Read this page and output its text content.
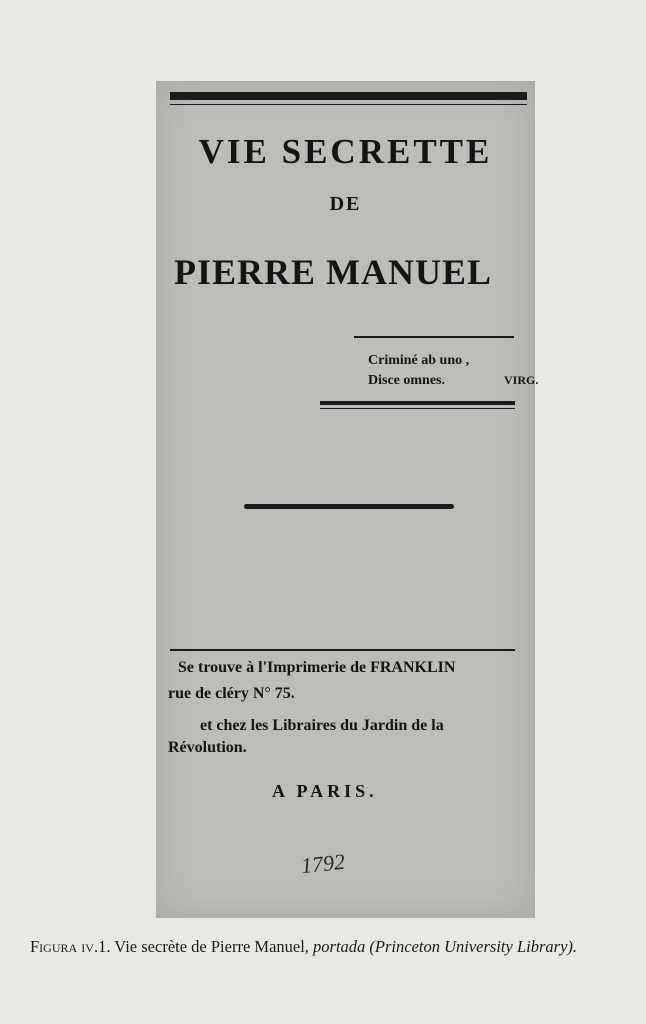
VIE SECRETTE
DE
PIERRE MANUEL
Criminé ab uno ,
Disce omnes.	VIRG.
Se trouve à l'Imprimerie de FRANKLIN
rue de cléry N° 75.
et chez les Libraires du Jardin de la
Révolution.
A PARIS.
1792
Figura iv.1. Vie secrète de Pierre Manuel, portada (Princeton University Library).
